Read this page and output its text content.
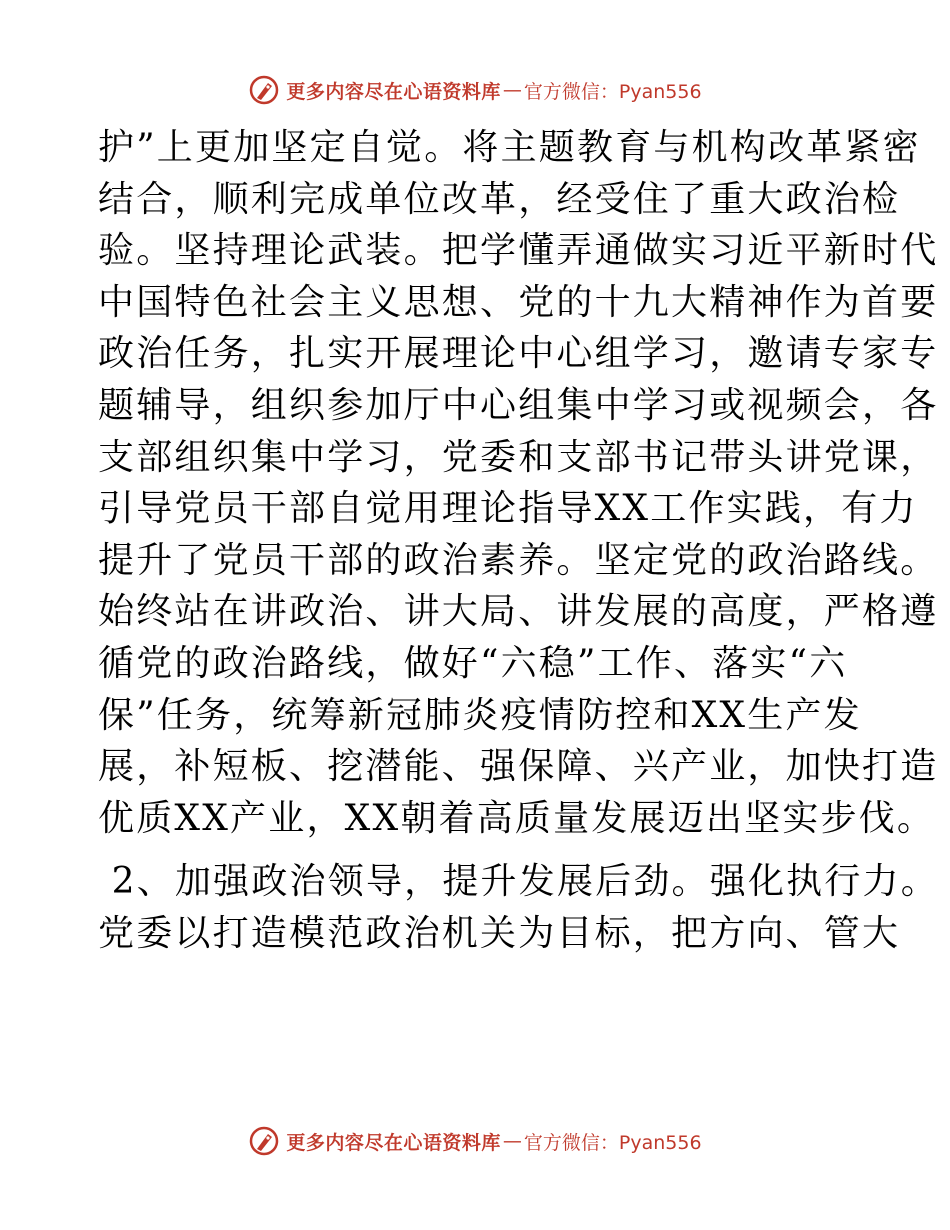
更多内容尽在心语资料库 — 官方微信：Pyan556
护”上更加坚定自觉。将主题教育与机构改革紧密
结合，顺利完成单位改革，经受住了重大政治检
验。坚持理论武装。把学懂弄通做实习近平新时代
中国特色社会主义思想、党的十九大精神作为首要
政治任务，扎实开展理论中心组学习，邀请专家专
题辅导，组织参加厅中心组集中学习或视频会，各
支部组织集中学习，党委和支部书记带头讲党课，
引导党员干部自觉用理论指导XX工作实践，有力
提升了党员干部的政治素养。坚定党的政治路线。
始终站在讲政治、讲大局、讲发展的高度，严格遵
循党的政治路线，做好“六稳”工作、落实“六
保”任务，统筹新冠肺炎疫情防控和XX生产发
展，补短板、挖潜能、强保障、兴产业，加快打造
优质XX产业，XX朝着高质量发展迈出坚实步伐。
2、加强政治领导，提升发展后劲。强化执行力。
党委以打造模范政治机关为目标，把方向、管大
更多内容尽在心语资料库 — 官方微信：Pyan556
